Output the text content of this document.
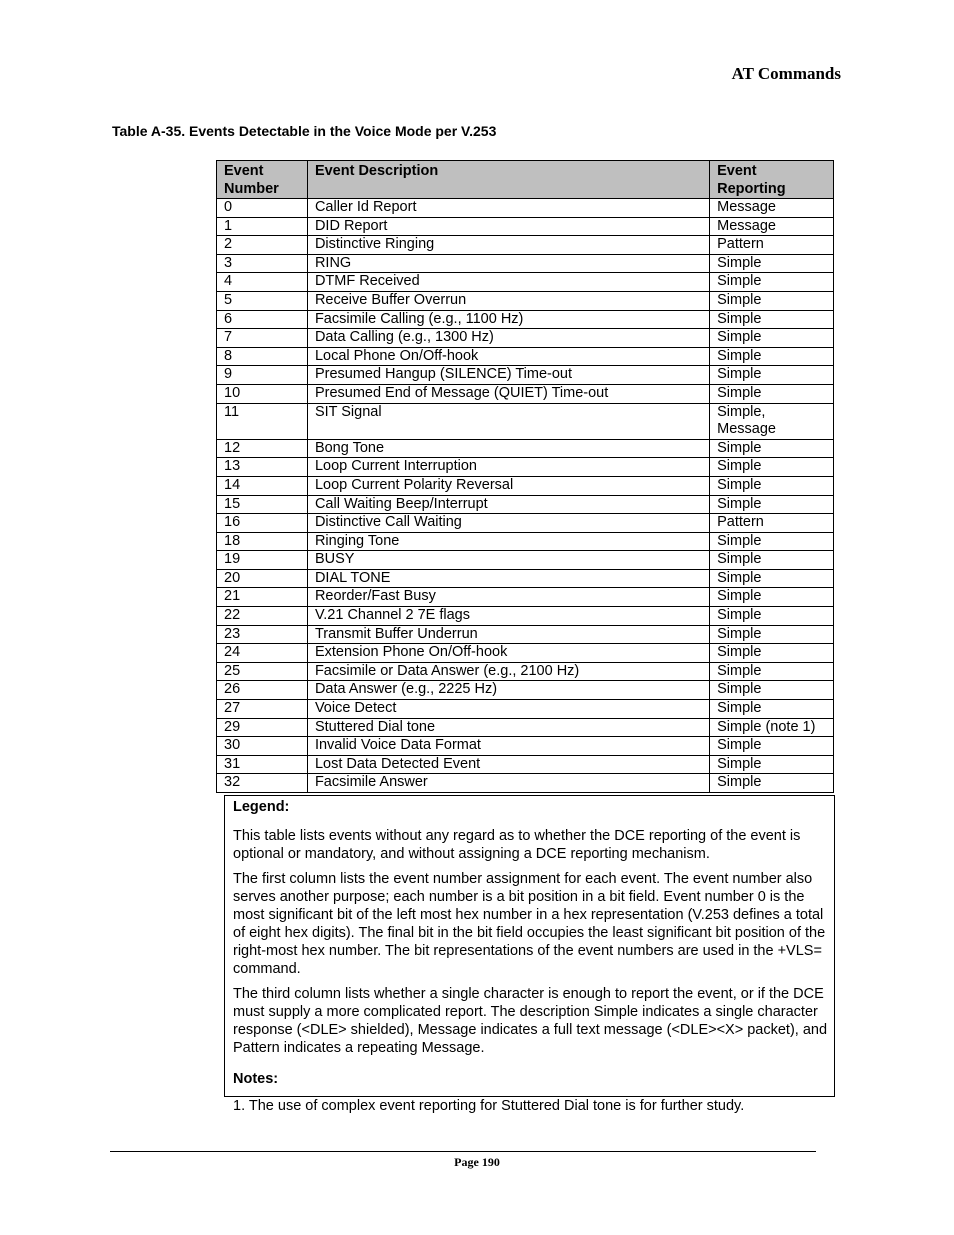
AT Commands
Table A-35. Events Detectable in the Voice Mode per V.253
Event Number	Event Description	Event Reporting
0	Caller Id Report	Message
1	DID Report	Message
2	Distinctive Ringing	Pattern
3	RING	Simple
4	DTMF Received	Simple
5	Receive Buffer Overrun	Simple
6	Facsimile Calling (e.g., 1100 Hz)	Simple
7	Data Calling (e.g., 1300 Hz)	Simple
8	Local Phone On/Off-hook	Simple
9	Presumed Hangup (SILENCE) Time-out	Simple
10	Presumed End of Message (QUIET) Time-out	Simple
11	SIT Signal	Simple, Message
12	Bong Tone	Simple
13	Loop Current Interruption	Simple
14	Loop Current Polarity Reversal	Simple
15	Call Waiting Beep/Interrupt	Simple
16	Distinctive Call Waiting	Pattern
18	Ringing Tone	Simple
19	BUSY	Simple
20	DIAL TONE	Simple
21	Reorder/Fast Busy	Simple
22	V.21 Channel 2 7E flags	Simple
23	Transmit Buffer Underrun	Simple
24	Extension Phone On/Off-hook	Simple
25	Facsimile or Data Answer (e.g., 2100 Hz)	Simple
26	Data Answer (e.g., 2225 Hz)	Simple
27	Voice Detect	Simple
29	Stuttered Dial tone	Simple (note 1)
30	Invalid Voice Data Format	Simple
31	Lost Data Detected Event	Simple
32	Facsimile Answer	Simple

Legend:

This table lists events without any regard as to whether the DCE reporting of the event is optional or mandatory, and without assigning a DCE reporting mechanism.

The first column lists the event number assignment for each event. The event number also serves another purpose; each number is a bit position in a bit field. Event number 0 is the most significant bit of the left most hex number in a hex representation (V.253 defines a total of eight hex digits). The final bit in the bit field occupies the least significant bit position of the right-most hex number. The bit representations of the event numbers are used in the +VLS= command.

The third column lists whether a single character is enough to report the event, or if the DCE must supply a more complicated report. The description Simple indicates a single character response (<DLE> shielded), Message indicates a full text message (<DLE><X> packet), and Pattern indicates a repeating Message.

Notes:

1. The use of complex event reporting for Stuttered Dial tone is for further study.

Page 190
